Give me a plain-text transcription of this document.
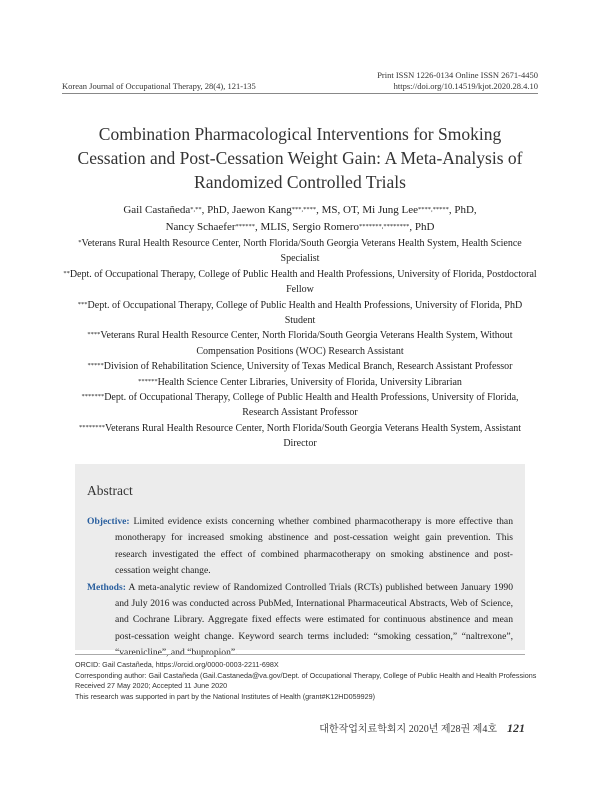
Print ISSN 1226-0134 Online ISSN 2671-4450
https://doi.org/10.14519/kjot.2020.28.4.10
Korean Journal of Occupational Therapy, 28(4), 121-135
Combination Pharmacological Interventions for Smoking
Cessation and Post-Cessation Weight Gain: A Meta-Analysis of
Randomized Controlled Trials
Gail Castañeda*,**, PhD, Jaewon Kang***,****, MS, OT, Mi Jung Lee****,*****, PhD,
Nancy Schaefer******, MLIS, Sergio Romero*******,********, PhD

*Veterans Rural Health Resource Center, North Florida/South Georgia Veterans Health System, Health Science Specialist

**Dept. of Occupational Therapy, College of Public Health and Health Professions, University of Florida, Postdoctoral Fellow

***Dept. of Occupational Therapy, College of Public Health and Health Professions, University of Florida, PhD Student

****Veterans Rural Health Resource Center, North Florida/South Georgia Veterans Health System, Without Compensation Positions (WOC) Research Assistant

*****Division of Rehabilitation Science, University of Texas Medical Branch, Research Assistant Professor

******Health Science Center Libraries, University of Florida, University Librarian

*******Dept. of Occupational Therapy, College of Public Health and Health Professions, University of Florida, Research Assistant Professor

********Veterans Rural Health Resource Center, North Florida/South Georgia Veterans Health System, Assistant Director

Abstract

Objective: Limited evidence exists concerning whether combined pharmacotherapy is more effective than monotherapy for increased smoking abstinence and post-cessation weight gain prevention. This research investigated the effect of combined pharmacotherapy on smoking abstinence and post-cessation weight change.

Methods: A meta-analytic review of Randomized Controlled Trials (RCTs) published between January 1990 and July 2016 was conducted across PubMed, International Pharmaceutical Abstracts, Web of Science, and Cochrane Library. Aggregate fixed effects were estimated for continuous abstinence and mean post-cessation weight change. Keyword search terms included: “smoking cessation,” “naltrexone”, “varenicline”, and “bupropion”.

ORCID: Gail Castañeda, https://orcid.org/0000-0003-2211-698X

Corresponding author: Gail Castañeda (Gail.Castaneda@va.gov/Dept. of Occupational Therapy, College of Public Health and Health Professions

Received 27 May 2020; Accepted 11 June 2020

This research was supported in part by the National Institutes of Health (grant#K12HD059929)

대한작업치료학회지 2020년 제28권 제4호 121
